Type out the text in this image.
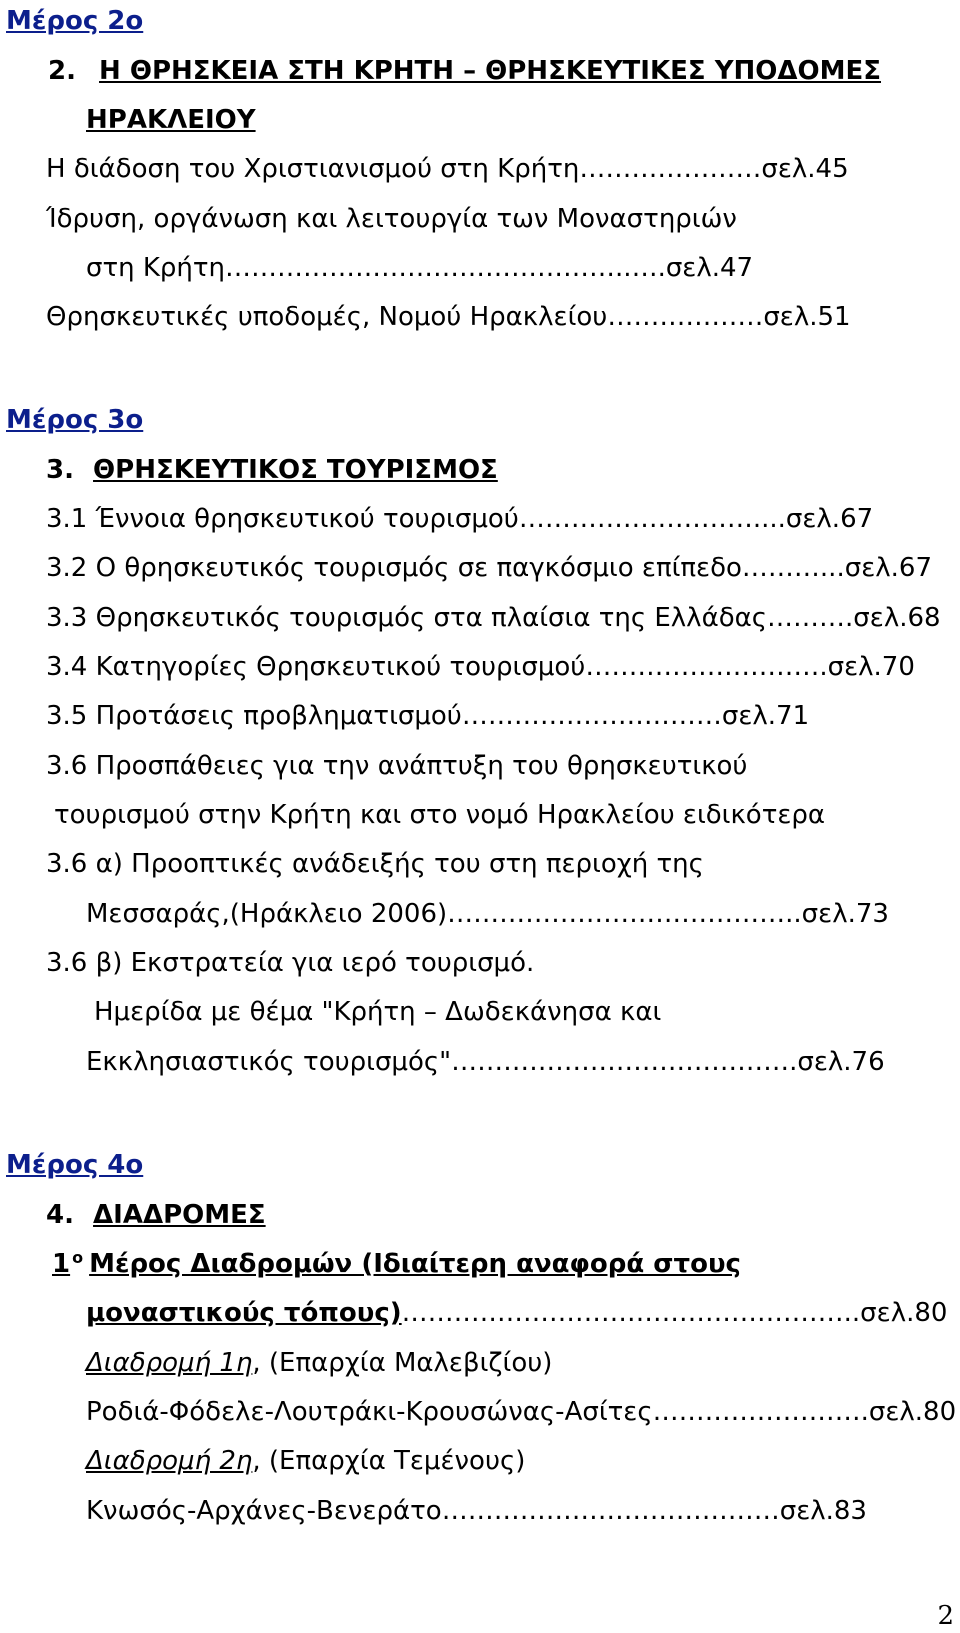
Μέρος 2ο
2. Η ΘΡΗΣΚΕΙΑ ΣΤΗ ΚΡΗΤΗ – ΘΡΗΣΚΕΥΤΙΚΕΣ ΥΠΟΔΟΜΕΣ
ΗΡΑΚΛΕΙΟΥ
Η διάδοση του Χριστιανισμού στη Κρήτη…………………σελ.45
Ίδρυση, οργάνωση και λειτουργία των Μοναστηριών
στη Κρήτη………………………………………..….σελ.47
Θρησκευτικές υποδομές, Νομού Ηρακλείου………………σελ.51
Μέρος 3ο
3. ΘΡΗΣΚΕΥΤΙΚΟΣ ΤΟΥΡΙΣΜΟΣ
3.1 Έννοια θρησκευτικού τουρισμού………………………....σελ.67
3.2 Ο θρησκευτικός τουρισμός σε παγκόσμιο επίπεδο………...σελ.67
3.3 Θρησκευτικός τουρισμός στα πλαίσια της Ελλάδας……….σελ.68
3.4 Κατηγορίες Θρησκευτικού τουρισμού……………………….σελ.70
3.5 Προτάσεις προβληματισμού…………………………σελ.71
3.6 Προσπάθειες για την ανάπτυξη του θρησκευτικού
τουρισμού στην Κρήτη και στο νομό Ηρακλείου ειδικότερα
3.6 α) Προοπτικές ανάδειξής του στη περιοχή της
Μεσσαράς,(Ηράκλειο 2006)…………………………………..σελ.73
3.6 β) Εκστρατεία για ιερό τουρισμό.
Ημερίδα με θέμα "Κρήτη – Δωδεκάνησα και
Εκκλησιαστικός τουρισμός"………………………………….σελ.76
Μέρος 4ο
4. ΔΙΑΔΡΟΜΕΣ
1 $^o$ Μέρος Διαδρομών (Ιδιαίτερη αναφορά στους
μοναστικούς τόπους)……………………………………………..σελ.80
Διαδρομή 1η, (Επαρχία Μαλεβιζίου)
Ροδιά-Φόδελε-Λουτράκι-Κρουσώνας-Ασίτες…………………….σελ.80
Διαδρομή 2η, (Επαρχία Τεμένους)
Κνωσός-Αρχάνες-Βενεράτο…………………………………σελ.83
2
